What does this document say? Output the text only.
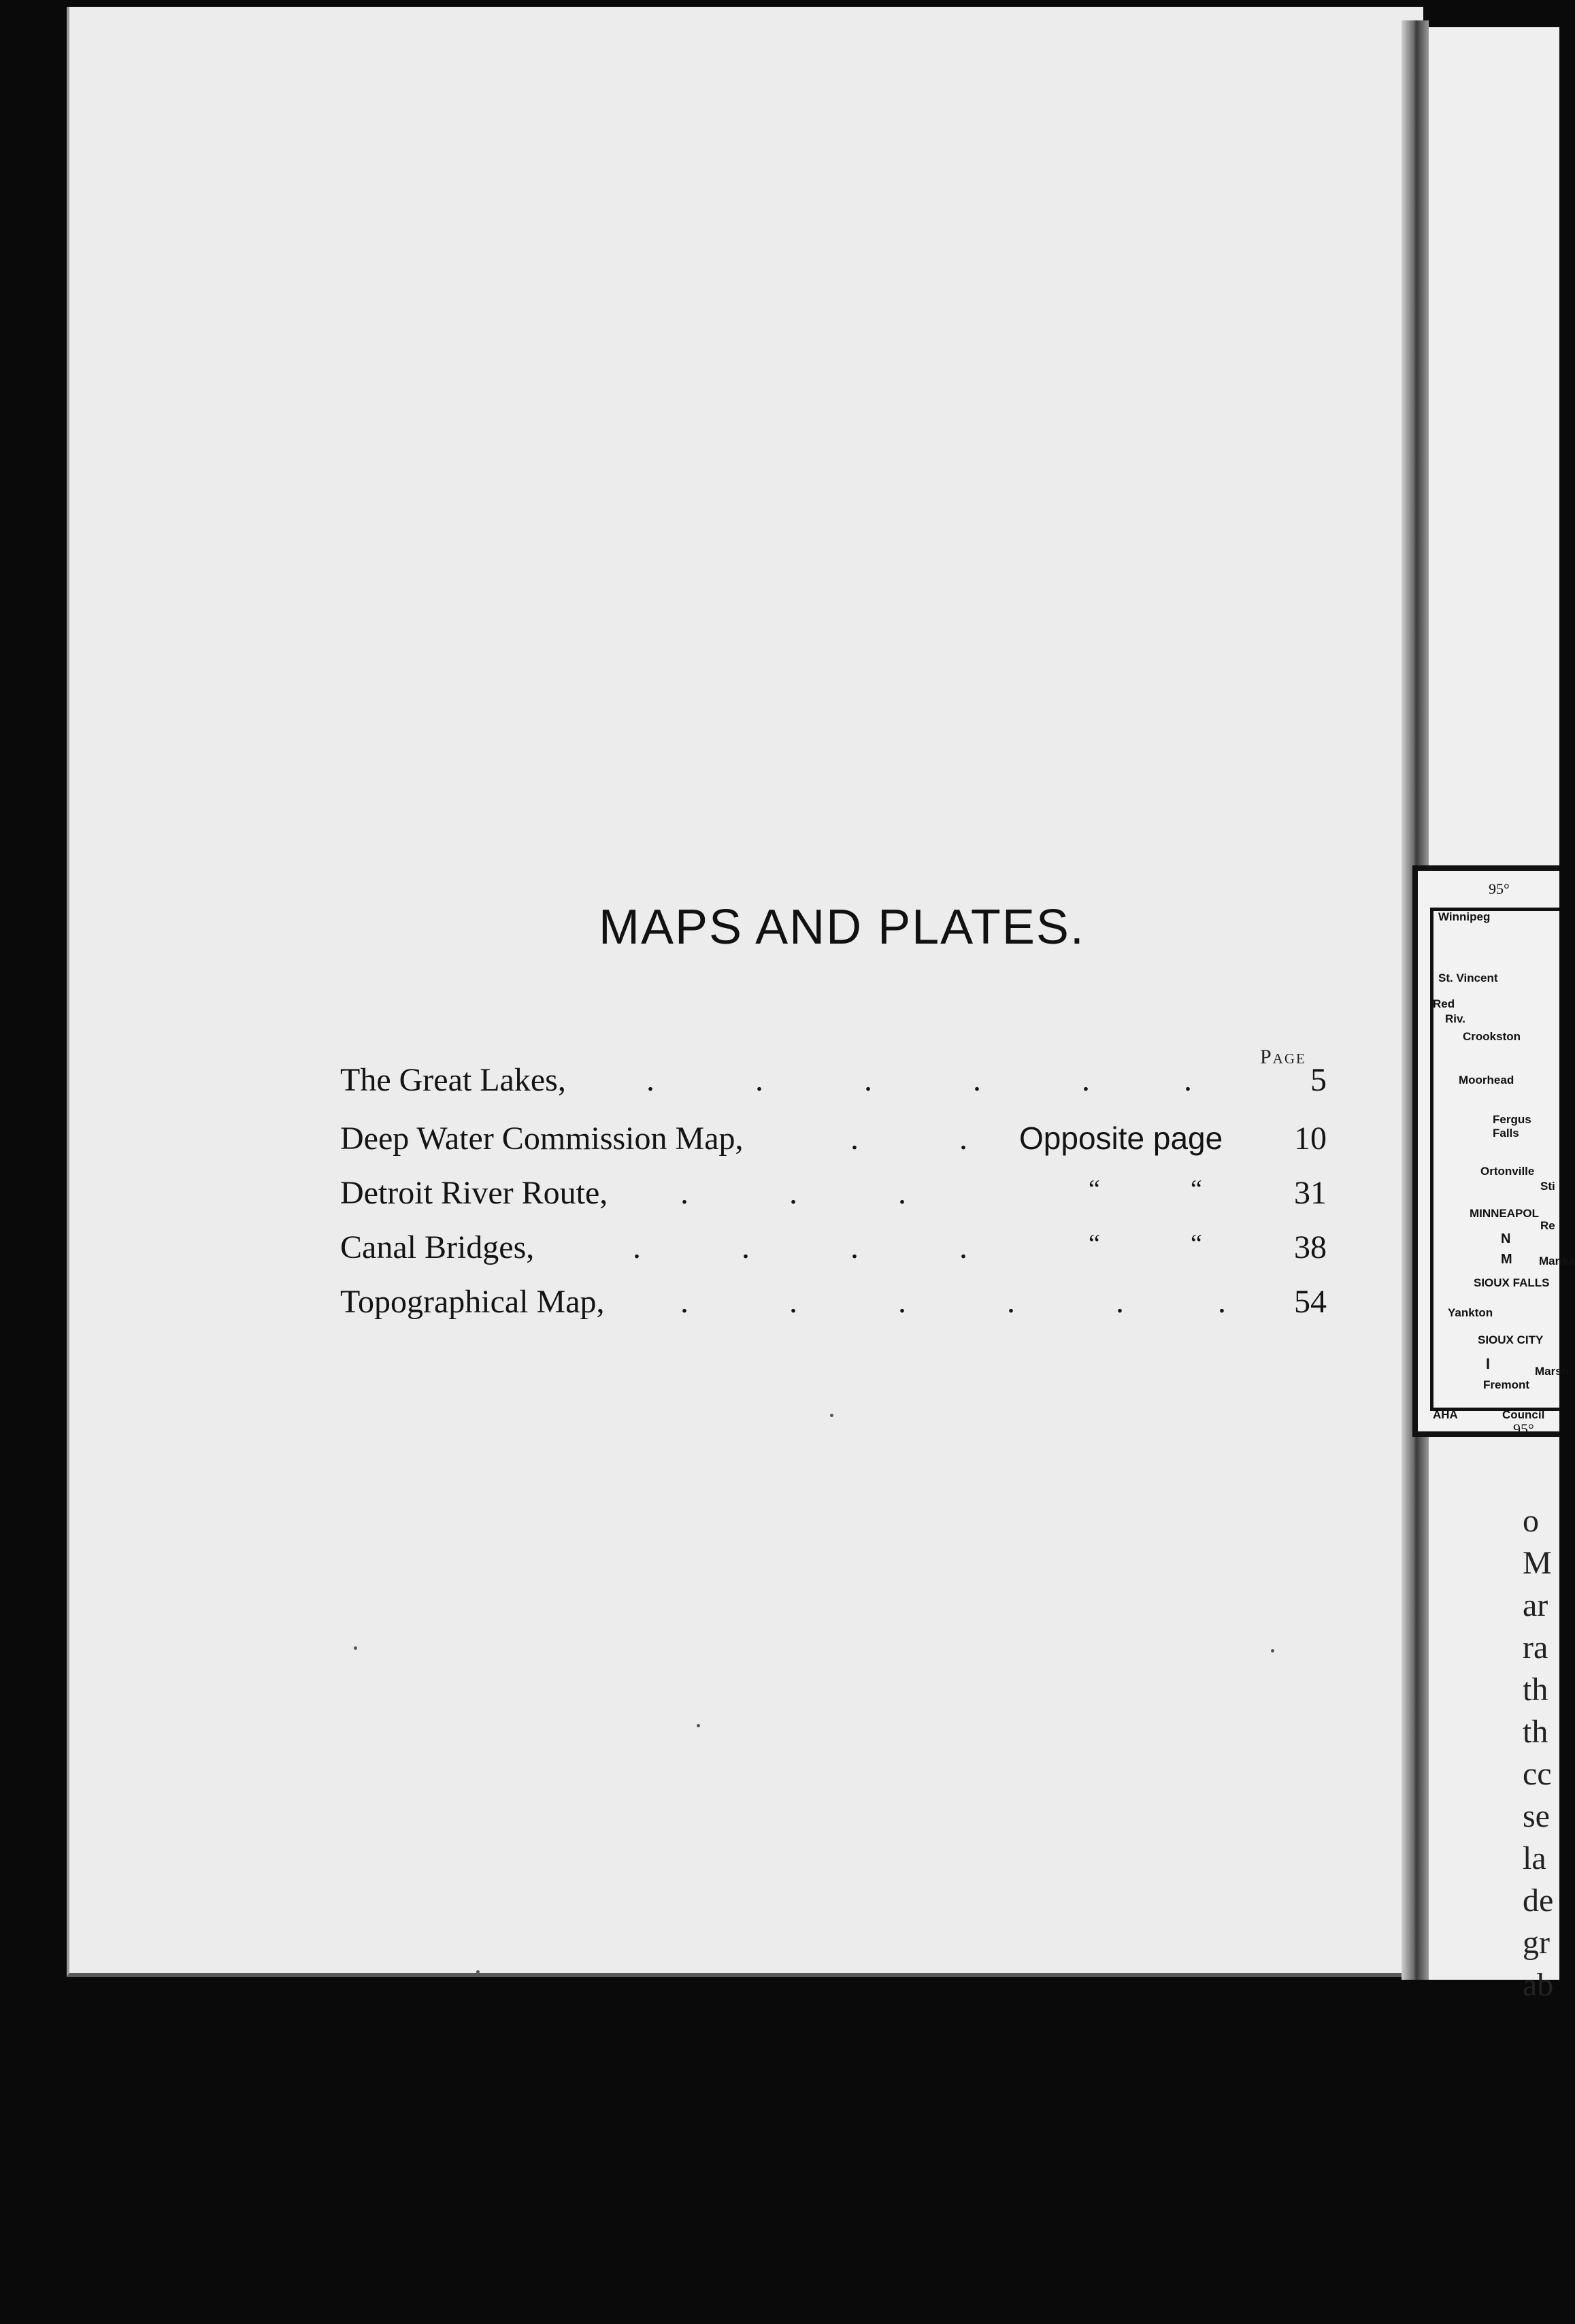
MAPS AND PLATES.
Page
The Great Lakes, .	.	.	.	.	.	5
Deep Water Commission Map,	.	. Opposite page 10
Detroit River Route, .	.	.	“	“	31
Canal Bridges,	.	.	.	.	“	“	38
Topographical Map, .	.	.	.	.	. 54
95°
Winnipeg
St. Vincent
Red
Riv.
Crookston
Moorhead
Fergus
Falls
Ortonville
Sti
MINNEAPOL
Re
Manka
SIOUX FALLS
Yankton
SIOUX CITY
Marsh
Fremont
Council
AHA
I
N
M
95°
o
M
ar
ra
th
th
cc
se
la
de
gr
ab
